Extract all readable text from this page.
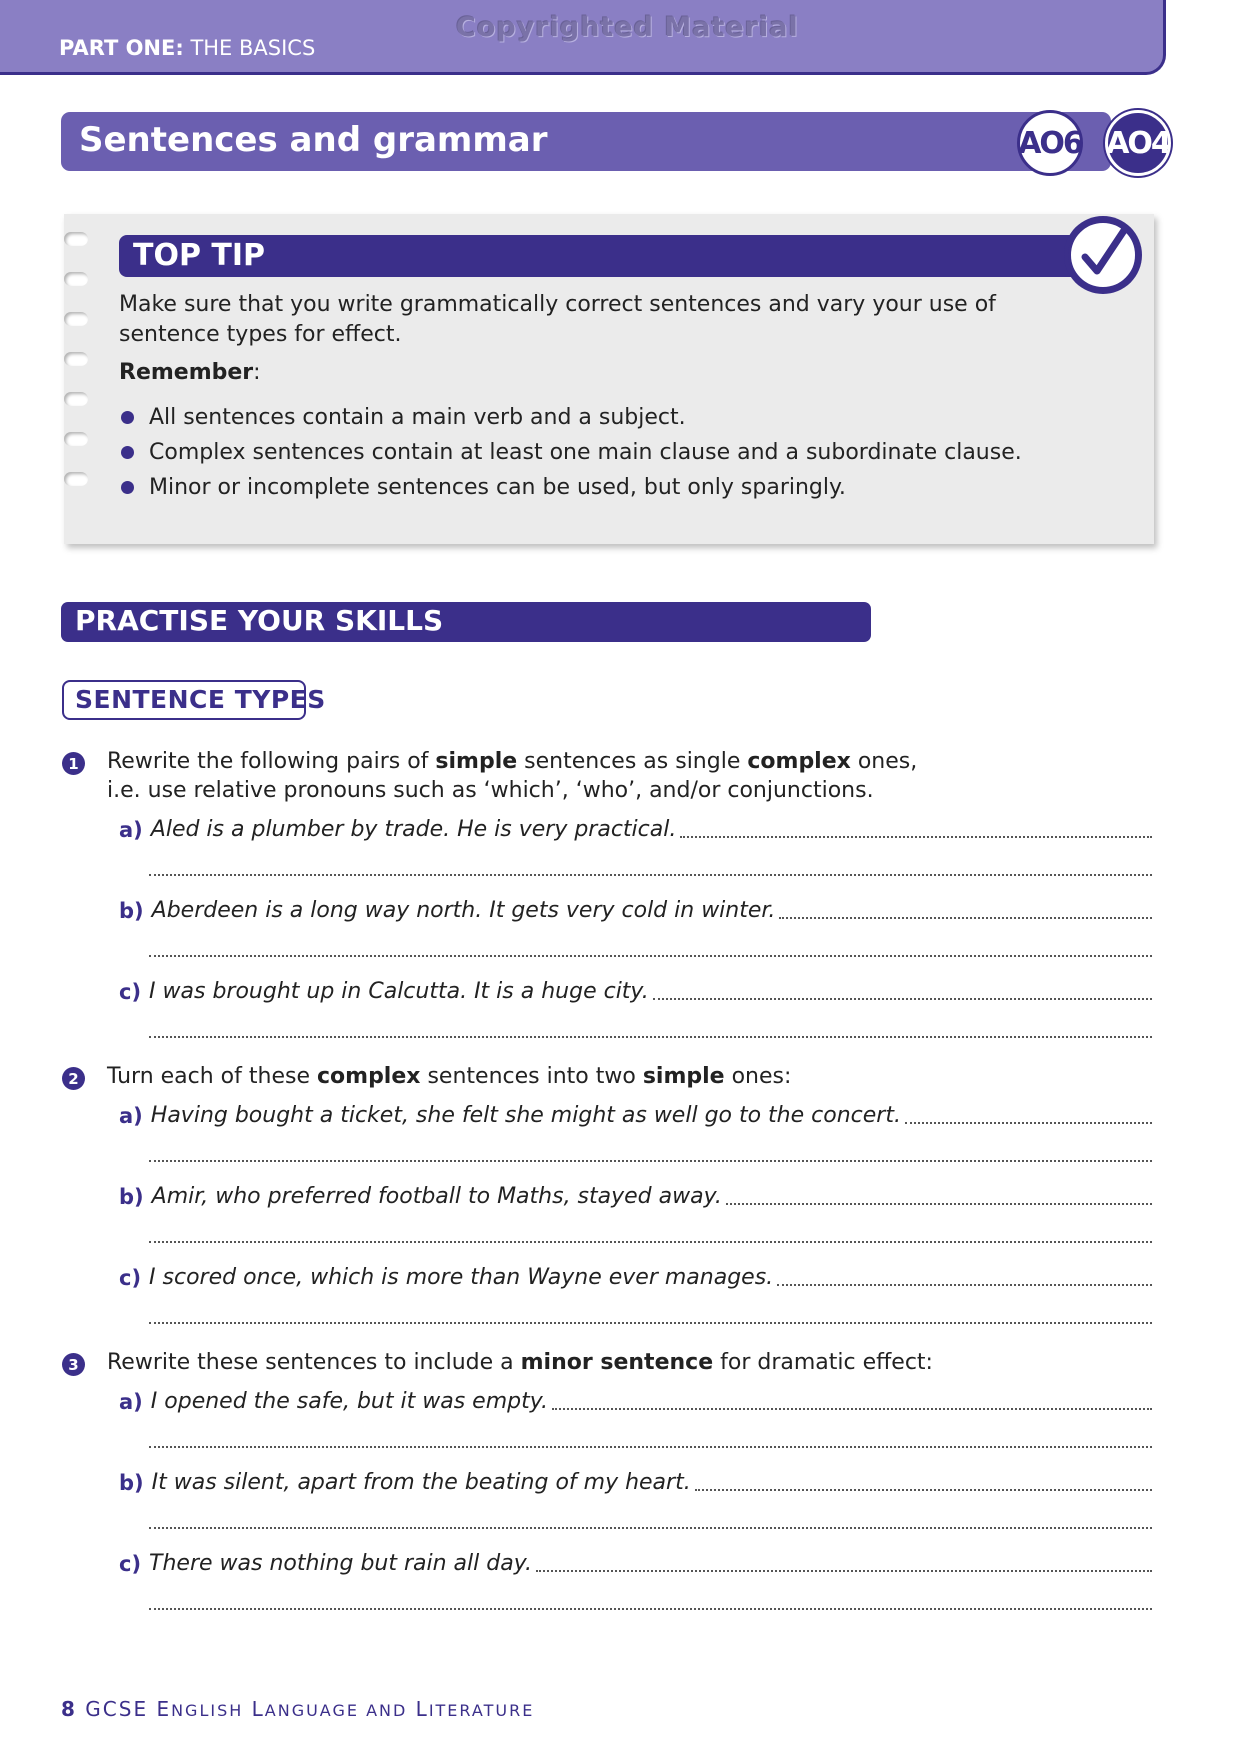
Copyrighted Material
PART ONE: THE BASICS
Sentences and grammar	AO6 AO4
TOP TIP
Make sure that you write grammatically correct sentences and vary your use of sentence types for effect.
Remember:
All sentences contain a main verb and a subject.
Complex sentences contain at least one main clause and a subordinate clause.
Minor or incomplete sentences can be used, but only sparingly.
PRACTISE YOUR SKILLS
SENTENCE TYPES
1 Rewrite the following pairs of simple sentences as single complex ones,
i.e. use relative pronouns such as ‘which’, ‘who’, and/or conjunctions.
a) Aled is a plumber by trade. He is very practical.
b) Aberdeen is a long way north. It gets very cold in winter.
c) I was brought up in Calcutta. It is a huge city.
2 Turn each of these complex sentences into two simple ones:
a) Having bought a ticket, she felt she might as well go to the concert.
b) Amir, who preferred football to Maths, stayed away.
c) I scored once, which is more than Wayne ever manages.
3 Rewrite these sentences to include a minor sentence for dramatic effect:
a) I opened the safe, but it was empty.
b) It was silent, apart from the beating of my heart.
c) There was nothing but rain all day.
8 GCSE ENGLISH LANGUAGE AND LITERATURE
